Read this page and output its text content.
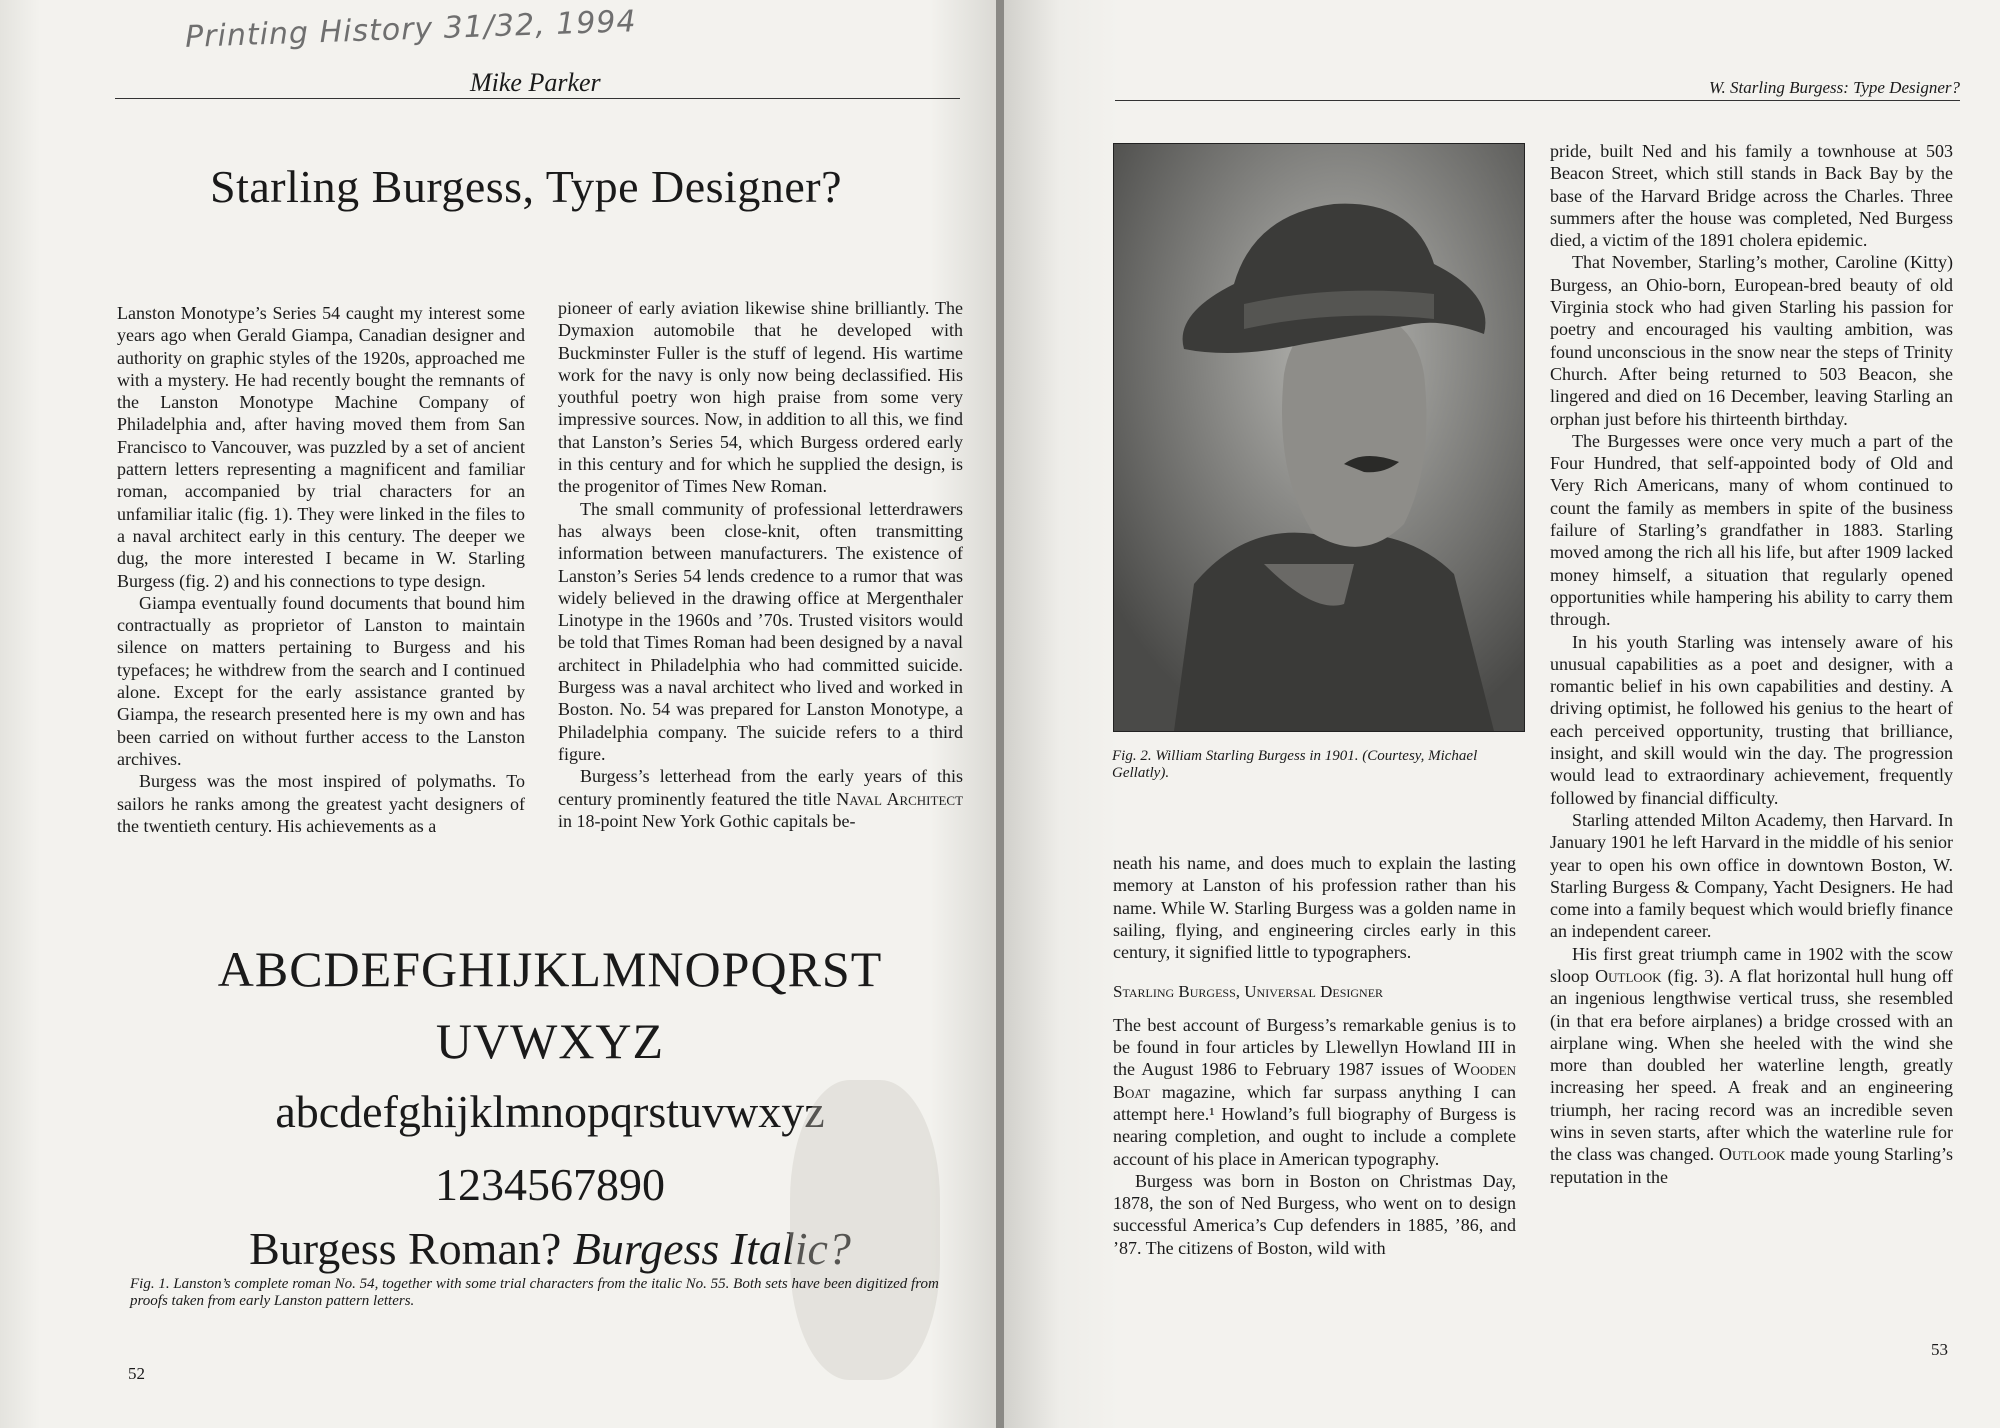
Printing History 31/32, 1994
Mike Parker
Starling Burgess, Type Designer?

Lanston Monotype’s Series 54 caught my interest some years ago when Gerald Giampa, Canadian designer and authority on graphic styles of the 1920s, approached me with a mystery. He had recently bought the remnants of the Lanston Monotype Machine Company of Philadelphia and, after having moved them from San Francisco to Vancouver, was puzzled by a set of ancient pattern letters representing a magnificent and familiar roman, accompanied by trial characters for an unfamiliar italic (fig. 1). They were linked in the files to a naval architect early in this century. The deeper we dug, the more interested I became in W. Starling Burgess (fig. 2) and his connections to type design.

Giampa eventually found documents that bound him contractually as proprietor of Lanston to maintain silence on matters pertaining to Burgess and his typefaces; he withdrew from the search and I continued alone. Except for the early assistance granted by Giampa, the research presented here is my own and has been carried on without further access to the Lanston archives.

Burgess was the most inspired of polymaths. To sailors he ranks among the greatest yacht designers of the twentieth century. His achievements as a

pioneer of early aviation likewise shine brilliantly. The Dymaxion automobile that he developed with Buckminster Fuller is the stuff of legend. His wartime work for the navy is only now being declassified. His youthful poetry won high praise from some very impressive sources. Now, in addition to all this, we find that Lanston’s Series 54, which Burgess ordered early in this century and for which he supplied the design, is the progenitor of Times New Roman.

The small community of professional letterdrawers has always been close-knit, often transmitting information between manufacturers. The existence of Lanston’s Series 54 lends credence to a rumor that was widely believed in the drawing office at Mergenthaler Linotype in the 1960s and ’70s. Trusted visitors would be told that Times Roman had been designed by a naval architect in Philadelphia who had committed suicide. Burgess was a naval architect who lived and worked in Boston. No. 54 was prepared for Lanston Monotype, a Philadelphia company. The suicide refers to a third figure.

Burgess’s letterhead from the early years of this century prominently featured the title Naval Architect in 18-point New York Gothic capitals be-

ABCDEFGHIJKLMNOPQRST
UVWXYZ
abcdefghijklmnopqrstuvwxyz
1234567890
Burgess Roman? Burgess Italic?
Fig. 1. Lanston’s complete roman No. 54, together with some trial characters from the italic No. 55. Both sets have been digitized from proofs taken from early Lanston pattern letters.
52
W. Starling Burgess: Type Designer?
Fig. 2. William Starling Burgess in 1901. (Courtesy, Michael Gellatly).

neath his name, and does much to explain the lasting memory at Lanston of his profession rather than his name. While W. Starling Burgess was a golden name in sailing, flying, and engineering circles early in this century, it signified little to typographers.

Starling Burgess, Universal Designer

The best account of Burgess’s remarkable genius is to be found in four articles by Llewellyn Howland III in the August 1986 to February 1987 issues of Wooden Boat magazine, which far surpass anything I can attempt here.¹ Howland’s full biography of Burgess is nearing completion, and ought to include a complete account of his place in American typography.

Burgess was born in Boston on Christmas Day, 1878, the son of Ned Burgess, who went on to design successful America’s Cup defenders in 1885, ’86, and ’87. The citizens of Boston, wild with

pride, built Ned and his family a townhouse at 503 Beacon Street, which still stands in Back Bay by the base of the Harvard Bridge across the Charles. Three summers after the house was completed, Ned Burgess died, a victim of the 1891 cholera epidemic.

That November, Starling’s mother, Caroline (Kitty) Burgess, an Ohio-born, European-bred beauty of old Virginia stock who had given Starling his passion for poetry and encouraged his vaulting ambition, was found unconscious in the snow near the steps of Trinity Church. After being returned to 503 Beacon, she lingered and died on 16 December, leaving Starling an orphan just before his thirteenth birthday.

The Burgesses were once very much a part of the Four Hundred, that self-appointed body of Old and Very Rich Americans, many of whom continued to count the family as members in spite of the business failure of Starling’s grandfather in 1883. Starling moved among the rich all his life, but after 1909 lacked money himself, a situation that regularly opened opportunities while hampering his ability to carry them through.

In his youth Starling was intensely aware of his unusual capabilities as a poet and designer, with a romantic belief in his own capabilities and destiny. A driving optimist, he followed his genius to the heart of each perceived opportunity, trusting that brilliance, insight, and skill would win the day. The progression would lead to extraordinary achievement, frequently followed by financial difficulty.

Starling attended Milton Academy, then Harvard. In January 1901 he left Harvard in the middle of his senior year to open his own office in downtown Boston, W. Starling Burgess & Company, Yacht Designers. He had come into a family bequest which would briefly finance an independent career.

His first great triumph came in 1902 with the scow sloop Outlook (fig. 3). A flat horizontal hull hung off an ingenious lengthwise vertical truss, she resembled (in that era before airplanes) a bridge crossed with an airplane wing. When she heeled with the wind she more than doubled her waterline length, greatly increasing her speed. A freak and an engineering triumph, her racing record was an incredible seven wins in seven starts, after which the waterline rule for the class was changed. Outlook made young Starling’s reputation in the

53
